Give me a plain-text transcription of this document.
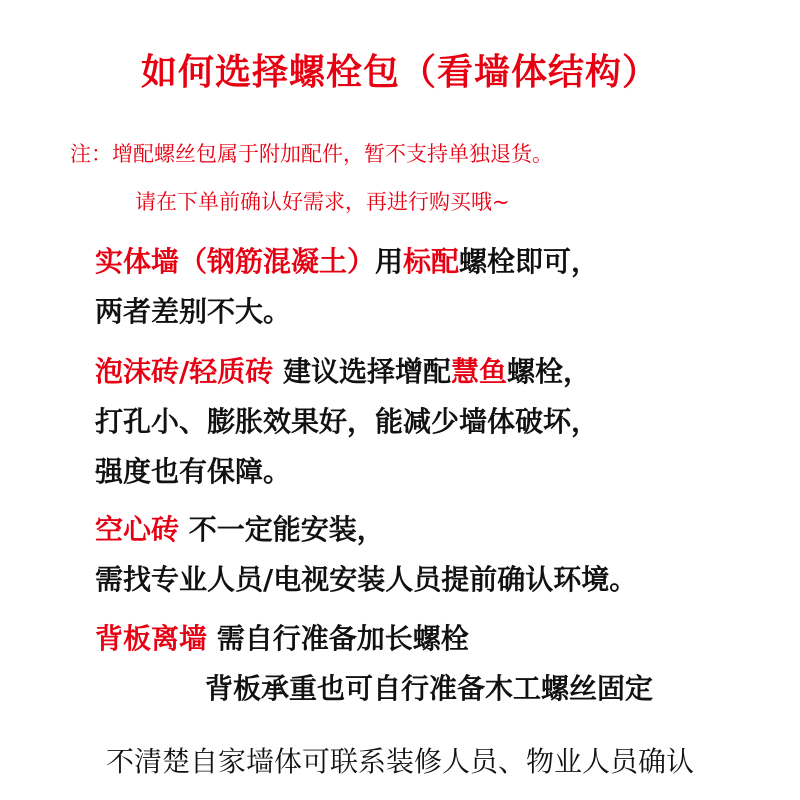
如何选择螺栓包（看墙体结构）
注：增配螺丝包属于附加配件，暂不支持单独退货。
请在下单前确认好需求，再进行购买哦~
实体墙（钢筋混凝土）用标配螺栓即可，
两者差别不大。
泡沫砖/轻质砖 建议选择增配慧鱼螺栓，
打孔小、膨胀效果好，能减少墙体破坏，
强度也有保障。
空心砖 不一定能安装，
需找专业人员/电视安装人员提前确认环境。
背板离墙 需自行准备加长螺栓
背板承重也可自行准备木工螺丝固定
不清楚自家墙体可联系装修人员、物业人员确认
